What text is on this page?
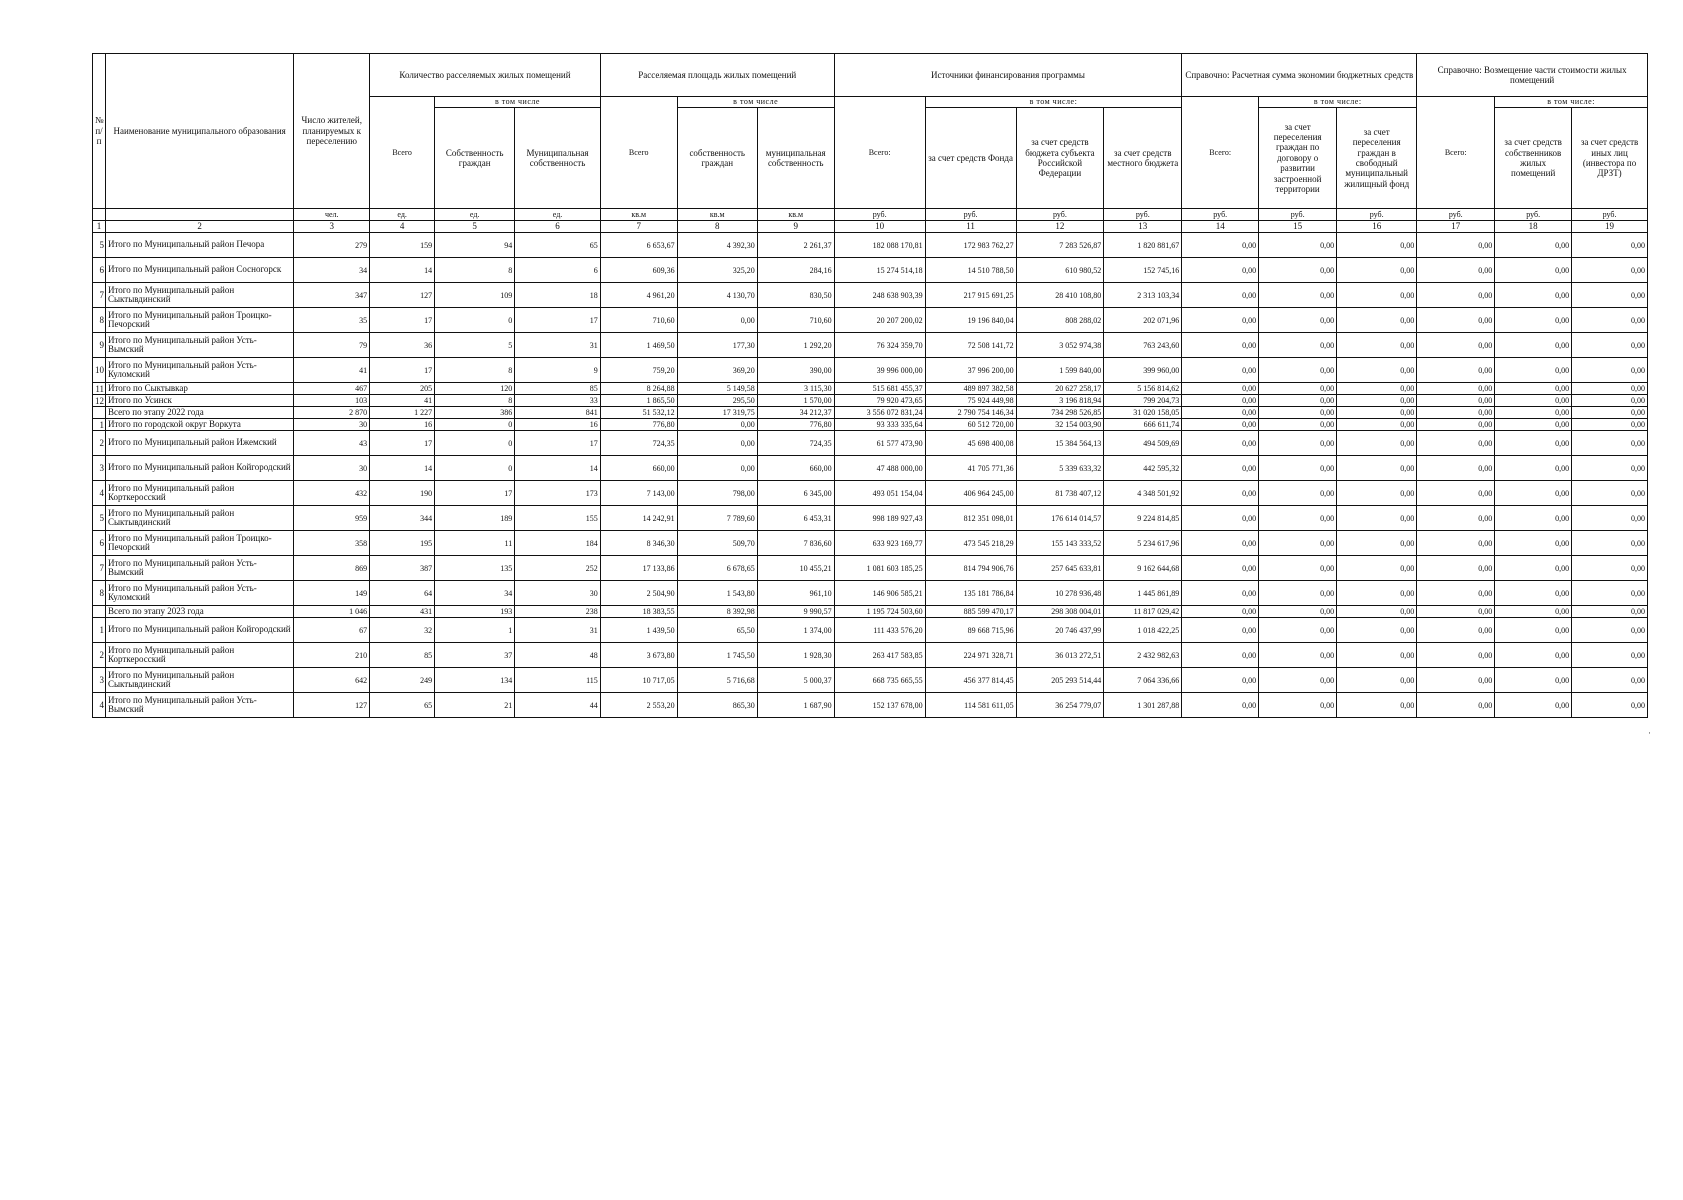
№ п/ п	Наименование муниципального образования	Число жителей, планируемых к переселению	Количество расселяемых жилых помещений			Расселяемая площадь жилых помещений			Источники финансирования программы				Справочно: Расчетная сумма экономии бюджетных средств			Справочно: Возмещение части стоимости жилых помещений		
			Всего	в том числе		Всего	в том числе		Всего:	в том числе:			Всего:	в том числе:		Всего:	в том числе:	
				Собственность граждан	Муниципальная собственность		собственность граждан	муниципальная собственность		за счет средств Фонда	за счет средств бюджета субъекта Российской Федерации	за счет средств местного бюджета		за счет переселения граждан по договору о развитии застроенной территории	за счет переселения граждан в свободный муниципальный жилищный фонд		за счет средств собственников жилых помещений	за счет средств иных лиц (инвестора по ДРЗТ)
		чел.	ед.	ед.	ед.	кв.м	кв.м	кв.м	руб.	руб.	руб.	руб.	руб.	руб.	руб.	руб.	руб.	руб.
1	2	3	4	5	6	7	8	9	10	11	12	13	14	15	16	17	18	19
5	Итого по Муниципальный район Печора	279	159	94	65	6 653,67	4 392,30	2 261,37	182 088 170,81	172 983 762,27	7 283 526,87	1 820 881,67	0,00	0,00	0,00	0,00	0,00	0,00
6	Итого по Муниципальный район Сосногорск	34	14	8	6	609,36	325,20	284,16	15 274 514,18	14 510 788,50	610 980,52	152 745,16	0,00	0,00	0,00	0,00	0,00	0,00
7	Итого по Муниципальный район Сыктывдинский	347	127	109	18	4 961,20	4 130,70	830,50	248 638 903,39	217 915 691,25	28 410 108,80	2 313 103,34	0,00	0,00	0,00	0,00	0,00	0,00
8	Итого по Муниципальный район Троицко-Печорский	35	17	0	17	710,60	0,00	710,60	20 207 200,02	19 196 840,04	808 288,02	202 071,96	0,00	0,00	0,00	0,00	0,00	0,00
9	Итого по Муниципальный район Усть-Вымский	79	36	5	31	1 469,50	177,30	1 292,20	76 324 359,70	72 508 141,72	3 052 974,38	763 243,60	0,00	0,00	0,00	0,00	0,00	0,00
10	Итого по Муниципальный район Усть-Куломский	41	17	8	9	759,20	369,20	390,00	39 996 000,00	37 996 200,00	1 599 840,00	399 960,00	0,00	0,00	0,00	0,00	0,00	0,00
11	Итого по Сыктывкар	467	205	120	85	8 264,88	5 149,58	3 115,30	515 681 455,37	489 897 382,58	20 627 258,17	5 156 814,62	0,00	0,00	0,00	0,00	0,00	0,00
12	Итого по Усинск	103	41	8	33	1 865,50	295,50	1 570,00	79 920 473,65	75 924 449,98	3 196 818,94	799 204,73	0,00	0,00	0,00	0,00	0,00	0,00
	Всего по этапу 2022 года	2 870	1 227	386	841	51 532,12	17 319,75	34 212,37	3 556 072 831,24	2 790 754 146,34	734 298 526,85	31 020 158,05	0,00	0,00	0,00	0,00	0,00	0,00
1	Итого по городской округ Воркута	30	16	0	16	776,80	0,00	776,80	93 333 335,64	60 512 720,00	32 154 003,90	666 611,74	0,00	0,00	0,00	0,00	0,00	0,00
2	Итого по Муниципальный район Ижемский	43	17	0	17	724,35	0,00	724,35	61 577 473,90	45 698 400,08	15 384 564,13	494 509,69	0,00	0,00	0,00	0,00	0,00	0,00
3	Итого по Муниципальный район Койгородский	30	14	0	14	660,00	0,00	660,00	47 488 000,00	41 705 771,36	5 339 633,32	442 595,32	0,00	0,00	0,00	0,00	0,00	0,00
4	Итого по Муниципальный район Корткеросский	432	190	17	173	7 143,00	798,00	6 345,00	493 051 154,04	406 964 245,00	81 738 407,12	4 348 501,92	0,00	0,00	0,00	0,00	0,00	0,00
5	Итого по Муниципальный район Сыктывдинский	959	344	189	155	14 242,91	7 789,60	6 453,31	998 189 927,43	812 351 098,01	176 614 014,57	9 224 814,85	0,00	0,00	0,00	0,00	0,00	0,00
6	Итого по Муниципальный район Троицко-Печорский	358	195	11	184	8 346,30	509,70	7 836,60	633 923 169,77	473 545 218,29	155 143 333,52	5 234 617,96	0,00	0,00	0,00	0,00	0,00	0,00
7	Итого по Муниципальный район Усть-Вымский	869	387	135	252	17 133,86	6 678,65	10 455,21	1 081 603 185,25	814 794 906,76	257 645 633,81	9 162 644,68	0,00	0,00	0,00	0,00	0,00	0,00
8	Итого по Муниципальный район Усть-Куломский	149	64	34	30	2 504,90	1 543,80	961,10	146 906 585,21	135 181 786,84	10 278 936,48	1 445 861,89	0,00	0,00	0,00	0,00	0,00	0,00
	Всего по этапу 2023 года	1 046	431	193	238	18 383,55	8 392,98	9 990,57	1 195 724 503,60	885 599 470,17	298 308 004,01	11 817 029,42	0,00	0,00	0,00	0,00	0,00	0,00
1	Итого по Муниципальный район Койгородский	67	32	1	31	1 439,50	65,50	1 374,00	111 433 576,20	89 668 715,96	20 746 437,99	1 018 422,25	0,00	0,00	0,00	0,00	0,00	0,00
2	Итого по Муниципальный район Корткеросский	210	85	37	48	3 673,80	1 745,50	1 928,30	263 417 583,85	224 971 328,71	36 013 272,51	2 432 982,63	0,00	0,00	0,00	0,00	0,00	0,00
3	Итого по Муниципальный район Сыктывдинский	642	249	134	115	10 717,05	5 716,68	5 000,37	668 735 665,55	456 377 814,45	205 293 514,44	7 064 336,66	0,00	0,00	0,00	0,00	0,00	0,00
4	Итого по Муниципальный район Усть-Вымский	127	65	21	44	2 553,20	865,30	1 687,90	152 137 678,00	114 581 611,05	36 254 779,07	1 301 287,88	0,00	0,00	0,00	0,00	0,00	0,00
·
